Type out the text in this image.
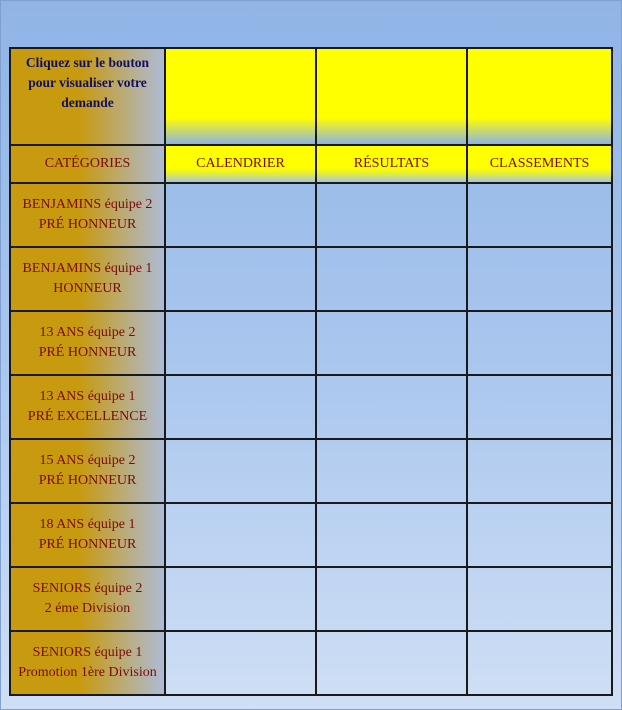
Cliquez sur le bouton
pour visualiser votre
demande			

CATÉGORIES	CALENDRIER	RÉSULTATS	CLASSEMENTS

BENJAMINS équipe 2
PRÉ HONNEUR			

BENJAMINS équipe 1
HONNEUR			

13 ANS équipe 2
PRÉ HONNEUR			

13 ANS équipe 1
PRÉ EXCELLENCE			

15 ANS équipe 2
PRÉ HONNEUR			

18 ANS équipe 1
PRÉ HONNEUR			

SENIORS équipe 2
2 éme Division			

SENIORS équipe 1
Promotion 1ère Division			
